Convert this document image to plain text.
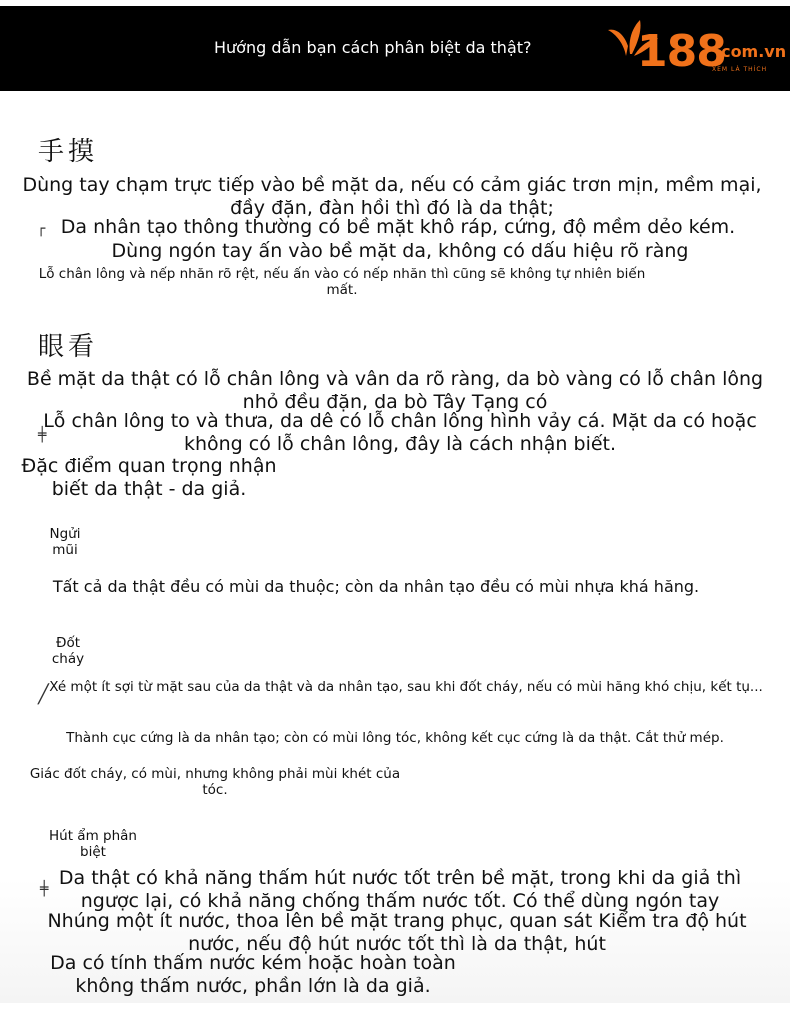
Hướng dẫn bạn cách phân biệt da thật? 188
.com.vn
XEM LÀ THÍCH
手摸
Dùng tay chạm trực tiếp vào bề mặt da, nếu có cảm giác trơn mịn, mềm mại, đầy đặn, đàn hồi thì đó là da thật;
┌ Da nhân tạo thông thường có bề mặt khô ráp, cứng, độ mềm dẻo kém.
Dùng ngón tay ấn vào bề mặt da, không có dấu hiệu rõ ràng
Lỗ chân lông và nếp nhăn rõ rệt, nếu ấn vào có nếp nhăn thì cũng sẽ không tự nhiên biến mất.
眼看
Bề mặt da thật có lỗ chân lông và vân da rõ ràng, da bò vàng có lỗ chân lông nhỏ đều đặn, da bò Tây Tạng có
╪
Lỗ chân lông to và thưa, da dê có lỗ chân lông hình vảy cá. Mặt da có hoặc không có lỗ chân lông, đây là cách nhận biết.
Đặc điểm quan trọng nhận biết da thật - da giả.
Ngửi mũi
Tất cả da thật đều có mùi da thuộc; còn da nhân tạo đều có mùi nhựa khá hăng.
Đốt cháy
╱ Xé một ít sợi từ mặt sau của da thật và da nhân tạo, sau khi đốt cháy, nếu có mùi hăng khó chịu, kết tụ...
Thành cục cứng là da nhân tạo; còn có mùi lông tóc, không kết cục cứng là da thật. Cắt thử mép.
Giác đốt cháy, có mùi, nhưng không phải mùi khét của tóc.
Hút ẩm phân biệt
╪ Da thật có khả năng thấm hút nước tốt trên bề mặt, trong khi da giả thì ngược lại, có khả năng chống thấm nước tốt. Có thể dùng ngón tay
Nhúng một ít nước, thoa lên bề mặt trang phục, quan sát Kiểm tra độ hút nước, nếu độ hút nước tốt thì là da thật, hút
Da có tính thấm nước kém hoặc hoàn toàn không thấm nước, phần lớn là da giả.
